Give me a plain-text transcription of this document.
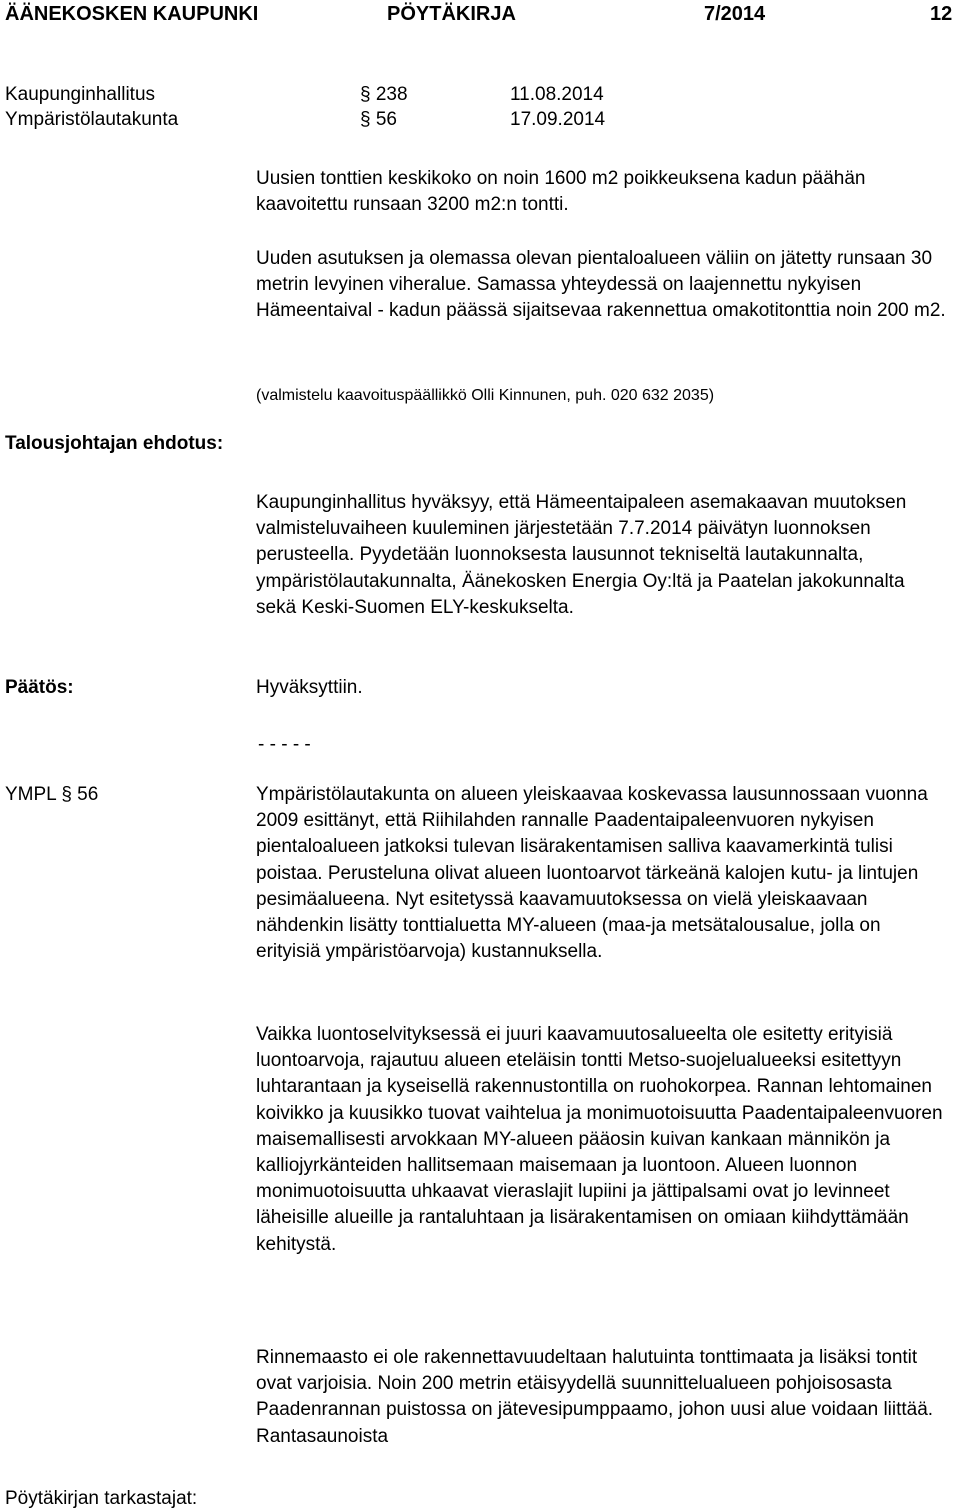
ÄÄNEKOSKEN KAUPUNKI	PÖYTÄKIRJA	7/2014	12
Kaupunginhallitus	§ 238	11.08.2014
Ympäristölautakunta	§ 56	17.09.2014

Uusien tonttien keskikoko on noin 1600 m2 poikkeuksena kadun päähän kaavoitettu runsaan 3200 m2:n tontti.

Uuden asutuksen ja olemassa olevan pientaloalueen väliin on jätetty runsaan 30 metrin levyinen viheralue. Samassa yhteydessä on laajennettu nykyisen Hämeentaival - kadun päässä sijaitsevaa rakennettua omakotitonttia noin 200 m2.

(valmistelu kaavoituspäällikkö Olli Kinnunen, puh. 020 632 2035)
Talousjohtajan ehdotus:

Kaupunginhallitus hyväksyy, että Hämeentaipaleen asemakaavan muutoksen valmisteluvaiheen kuuleminen järjestetään 7.7.2014 päivätyn luonnoksen perusteella. Pyydetään luonnoksesta lausunnot tekniseltä lautakunnalta, ympäristölautakunnalta, Äänekosken Energia Oy:ltä ja Paatelan jakokunnalta sekä Keski-Suomen ELY-keskukselta.

Päätös:	Hyväksyttiin.
- - - - -
YMPL § 56	Ympäristölautakunta on alueen yleiskaavaa koskevassa lausunnossaan vuonna 2009 esittänyt, että Riihilahden rannalle Paadentaipaleenvuoren nykyisen pientaloalueen jatkoksi tulevan lisärakentamisen salliva kaavamerkintä tulisi poistaa. Perusteluna olivat alueen luontoarvot tärkeänä kalojen kutu- ja lintujen pesimäalueena. Nyt esitetyssä kaavamuutoksessa on vielä yleiskaavaan nähdenkin lisätty tonttialuetta MY-alueen (maa-ja metsätalousalue, jolla on erityisiä ympäristöarvoja) kustannuksella.

Vaikka luontoselvityksessä ei juuri kaavamuutosalueelta ole esitetty erityisiä luontoarvoja, rajautuu alueen eteläisin tontti Metso-suojelualueeksi esitettyyn luhtarantaan ja kyseisellä rakennustontilla on ruohokorpea. Rannan lehtomainen koivikko ja kuusikko tuovat vaihtelua ja monimuotoisuutta Paadentaipaleenvuoren maisemallisesti arvokkaan MY-alueen pääosin kuivan kankaan männikön ja kalliojyrkänteiden hallitsemaan maisemaan ja luontoon. Alueen luonnon monimuotoisuutta uhkaavat vieraslajit lupiini ja jättipalsami ovat jo levinneet läheisille alueille ja rantaluhtaan ja lisärakentamisen on omiaan kiihdyttämään kehitystä.

Rinnemaasto ei ole rakennettavuudeltaan halutuinta tonttimaata ja lisäksi tontit ovat varjoisia. Noin 200 metrin etäisyydellä suunnittelualueen pohjoisosasta Paadenrannan puistossa on jätevesipumppaamo, johon uusi alue voidaan liittää. Rantasaunoista

Pöytäkirjan tarkastajat:
